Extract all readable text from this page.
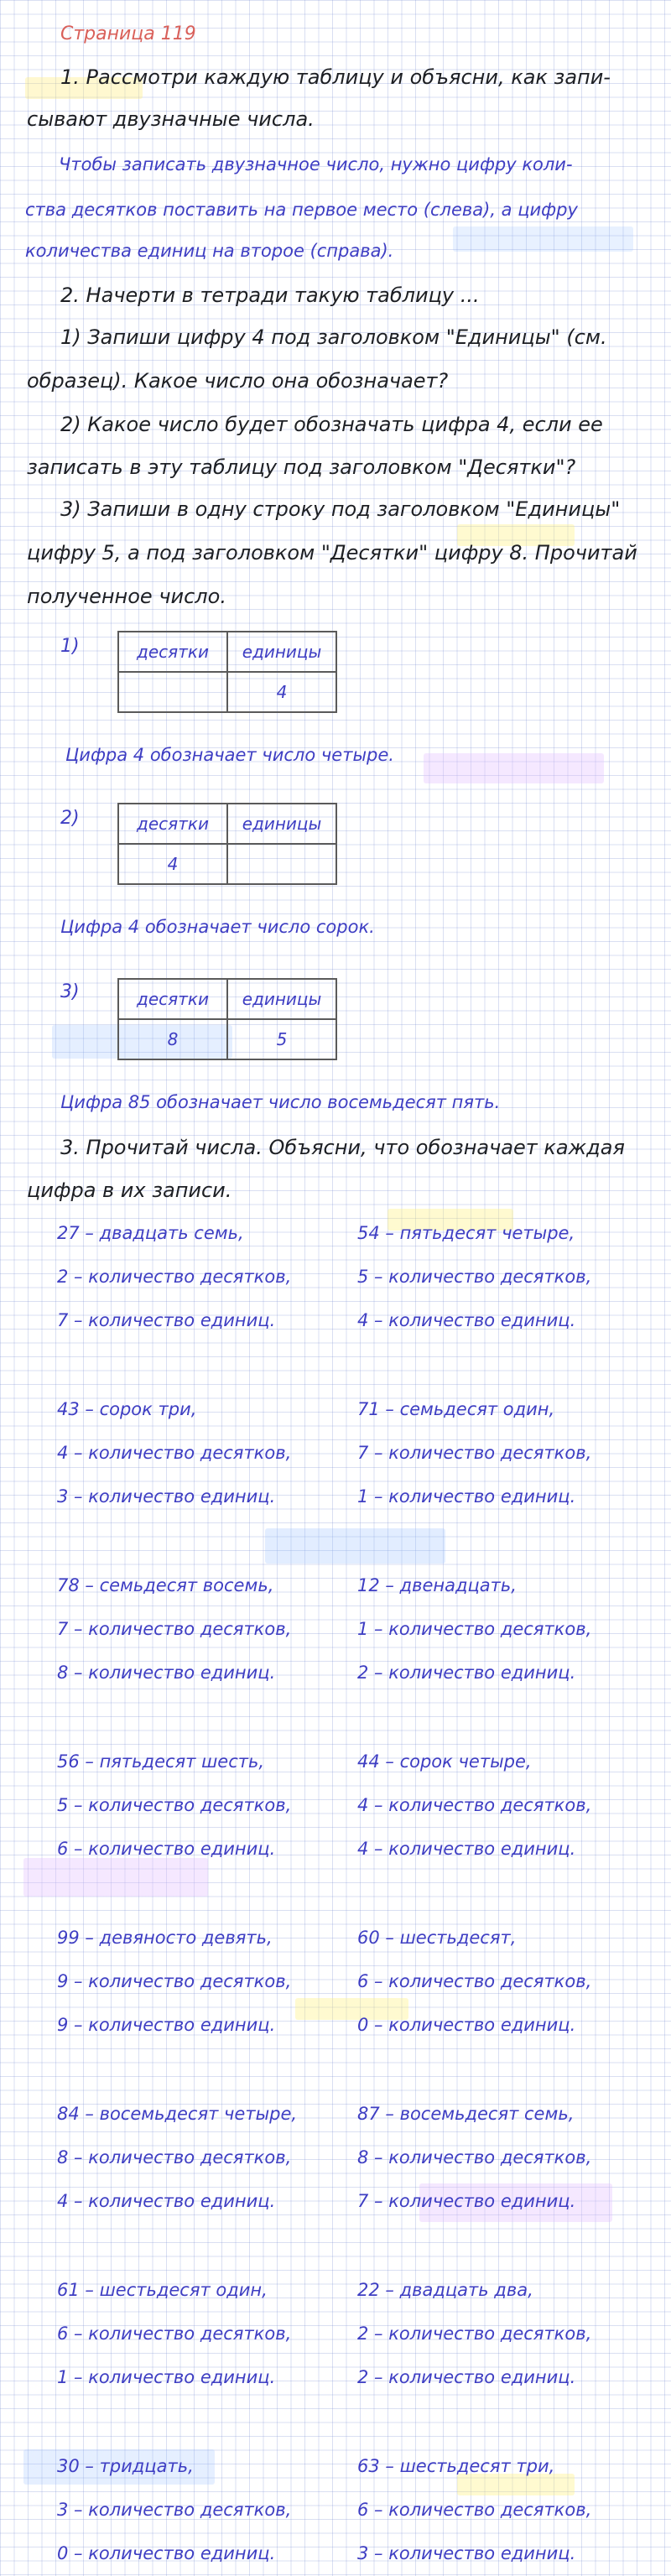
Страница 119
1. Рассмотри каждую таблицу и объясни, как запи-
сывают двузначные числа.
Чтобы записать двузначное число, нужно цифру коли-
ства десятков поставить на первое место (слева), а цифру
количества единиц на второе (справа).
2. Начерти в тетради такую таблицу ...
1) Запиши цифру 4 под заголовком "Единицы" (см.
образец). Какое число она обозначает?
2) Какое число будет обозначать цифра 4, если ее
записать в эту таблицу под заголовком "Десятки"?
3) Запиши в одну строку под заголовком "Единицы"
цифру 5, а под заголовком "Десятки" цифру 8. Прочитай
полученное число.
1)	десятки	единицы
	4
Цифра 4 обозначает число четыре.
2)	десятки	единицы
4	
Цифра 4 обозначает число сорок.
3)	десятки	единицы
8	5
Цифра 85 обозначает число восемьдесят пять.
3. Прочитай числа. Объясни, что обозначает каждая
цифра в их записи.
27 – двадцать семь,
2 – количество десятков,
7 – количество единиц.
54 – пятьдесят четыре,
5 – количество десятков,
4 – количество единиц.
43 – сорок три,
4 – количество десятков,
3 – количество единиц.
71 – семьдесят один,
7 – количество десятков,
1 – количество единиц.
78 – семьдесят восемь,
7 – количество десятков,
8 – количество единиц.
12 – двенадцать,
1 – количество десятков,
2 – количество единиц.
56 – пятьдесят шесть,
5 – количество десятков,
6 – количество единиц.
44 – сорок четыре,
4 – количество десятков,
4 – количество единиц.
99 – девяносто девять,
9 – количество десятков,
9 – количество единиц.
60 – шестьдесят,
6 – количество десятков,
0 – количество единиц.
84 – восемьдесят четыре,
8 – количество десятков,
4 – количество единиц.
87 – восемьдесят семь,
8 – количество десятков,
7 – количество единиц.
61 – шестьдесят один,
6 – количество десятков,
1 – количество единиц.
22 – двадцать два,
2 – количество десятков,
2 – количество единиц.
30 – тридцать,
3 – количество десятков,
0 – количество единиц.
63 – шестьдесят три,
6 – количество десятков,
3 – количество единиц.
